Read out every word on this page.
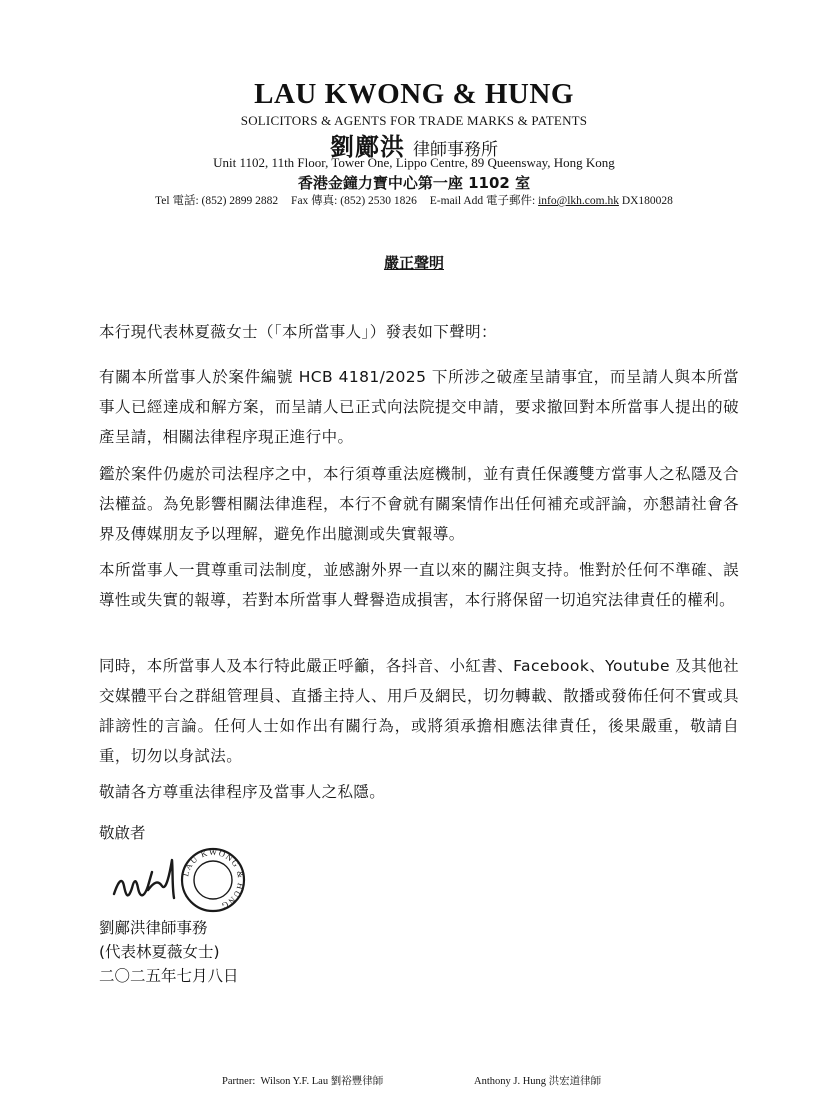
LAU KWONG & HUNG
SOLICITORS & AGENTS FOR TRADE MARKS & PATENTS
劉鄺洪 律師事務所
Unit 1102, 11th Floor, Tower One, Lippo Centre, 89 Queensway, Hong Kong
香港金鐘力寶中心第一座 1102 室
Tel 電話: (852) 2899 2882 Fax 傳真: (852) 2530 1826 E-mail Add 電子郵件: info@lkh.com.hk DX180028
嚴正聲明
本行現代表林夏薇女士（「本所當事人」）發表如下聲明：
有關本所當事人於案件編號 HCB 4181/2025 下所涉之破產呈請事宜，而呈請人與本所當事人已經達成和解方案，而呈請人已正式向法院提交申請，要求撤回對本所當事人提出的破產呈請，相關法律程序現正進行中。
鑑於案件仍處於司法程序之中，本行須尊重法庭機制，並有責任保護雙方當事人之私隱及合法權益。為免影響相關法律進程，本行不會就有關案情作出任何補充或評論，亦懇請社會各界及傳媒朋友予以理解，避免作出臆測或失實報導。
本所當事人一貫尊重司法制度，並感謝外界一直以來的關注與支持。惟對於任何不準確、誤導性或失實的報導，若對本所當事人聲譽造成損害，本行將保留一切追究法律責任的權利。
同時，本所當事人及本行特此嚴正呼籲，各抖音、小紅書、Facebook、Youtube 及其他社交媒體平台之群組管理員、直播主持人、用戶及網民，切勿轉載、散播或發佈任何不實或具誹謗性的言論。任何人士如作出有關行為，或將須承擔相應法律責任，後果嚴重，敬請自重，切勿以身試法。
敬請各方尊重法律程序及當事人之私隱。
敬啟者
LAU KWONG & HUNG
劉鄺洪律師事務
(代表林夏薇女士)
二〇二五年七月八日
Partner: Wilson Y.F. Lau 劉裕豐律師	Anthony J. Hung 洪宏道律師
